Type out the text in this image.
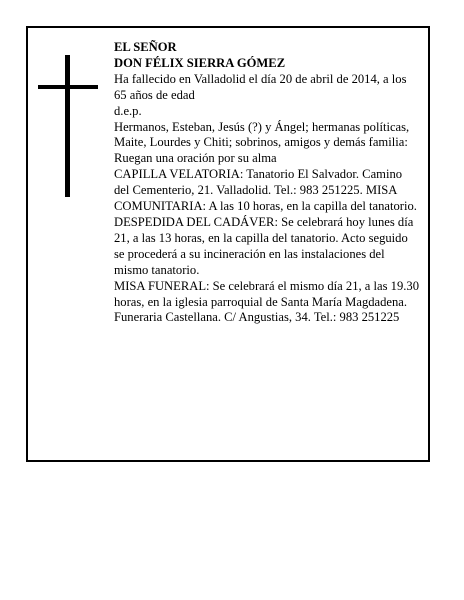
EL SEÑOR

DON FÉLIX SIERRA GÓMEZ

Ha fallecido en Valladolid el día 20 de abril de 2014, a los 65 años de edad

d.e.p.

Hermanos, Esteban, Jesús (?) y Ángel; hermanas políticas, Maite, Lourdes y Chiti; sobrinos, amigos y demás familia:

Ruegan una oración por su alma

CAPILLA VELATORIA: Tanatorio El Salvador. Camino del Cementerio, 21. Valladolid. Tel.: 983 251225. MISA COMUNITARIA: A las 10 horas, en la capilla del tanatorio.

DESPEDIDA DEL CADÁVER: Se celebrará hoy lunes día 21, a las 13 horas, en la capilla del tanatorio. Acto seguido se procederá a su incineración en las instalaciones del mismo tanatorio.

MISA FUNERAL: Se celebrará el mismo día 21, a las 19.30 horas, en la iglesia parroquial de Santa María Magdadena.

Funeraria Castellana. C/ Angustias, 34. Tel.: 983 251225
